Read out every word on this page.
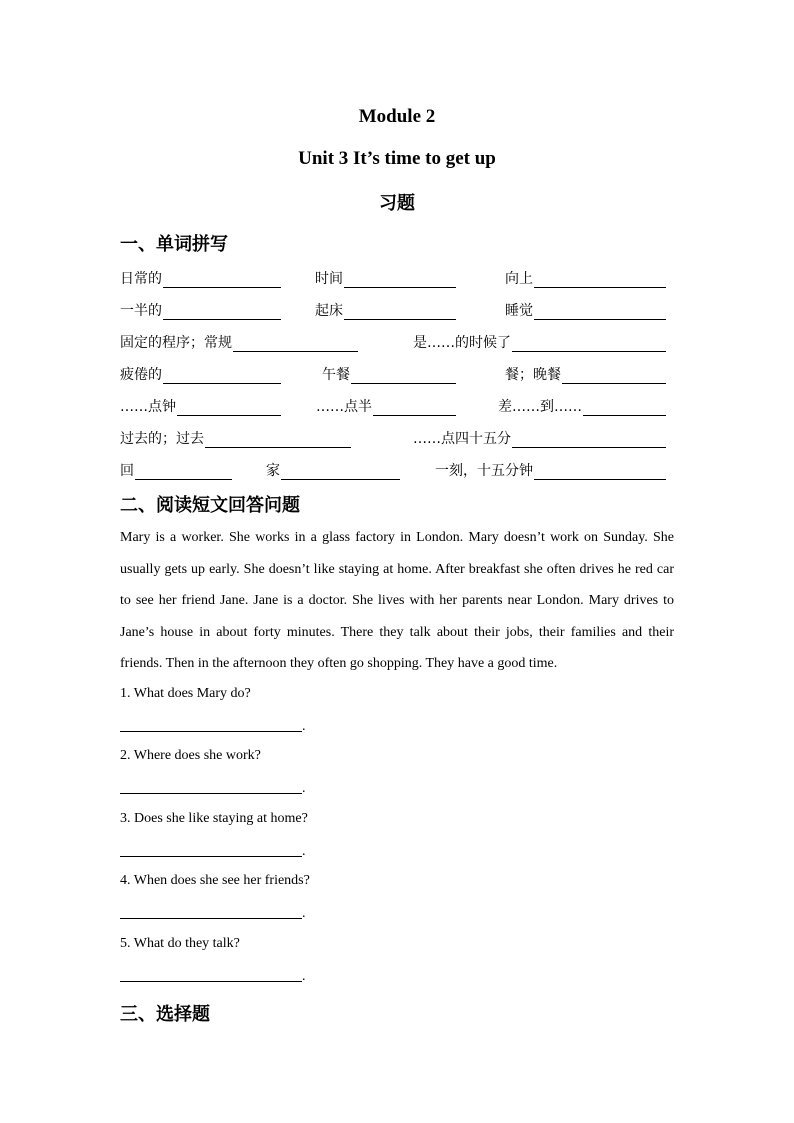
Module 2
Unit 3 It’s time to get up
习题
一、单词拼写
日常的	时间	向上
一半的	起床	睡觉
固定的程序；常规	是……的时候了
疲倦的	午餐	餐；晚餐
……点钟	……点半	差……到……
过去的；过去	……点四十五分
回	家	一刻，十五分钟
二、阅读短文回答问题
Mary is a worker. She works in a glass factory in London. Mary doesn’t work on Sunday. She
usually gets up early. She doesn’t like staying at home. After breakfast she often drives he red car
to see her friend Jane. Jane is a doctor. She lives with her parents near London. Mary drives to
Jane’s house in about forty minutes. There they talk about their jobs, their families and their
friends. Then in the afternoon they often go shopping. They have a good time.
1. What does Mary do?
.
2. Where does she work?
.
3. Does she like staying at home?
.
4. When does she see her friends?
.
5. What do they talk?
.
三、选择题
